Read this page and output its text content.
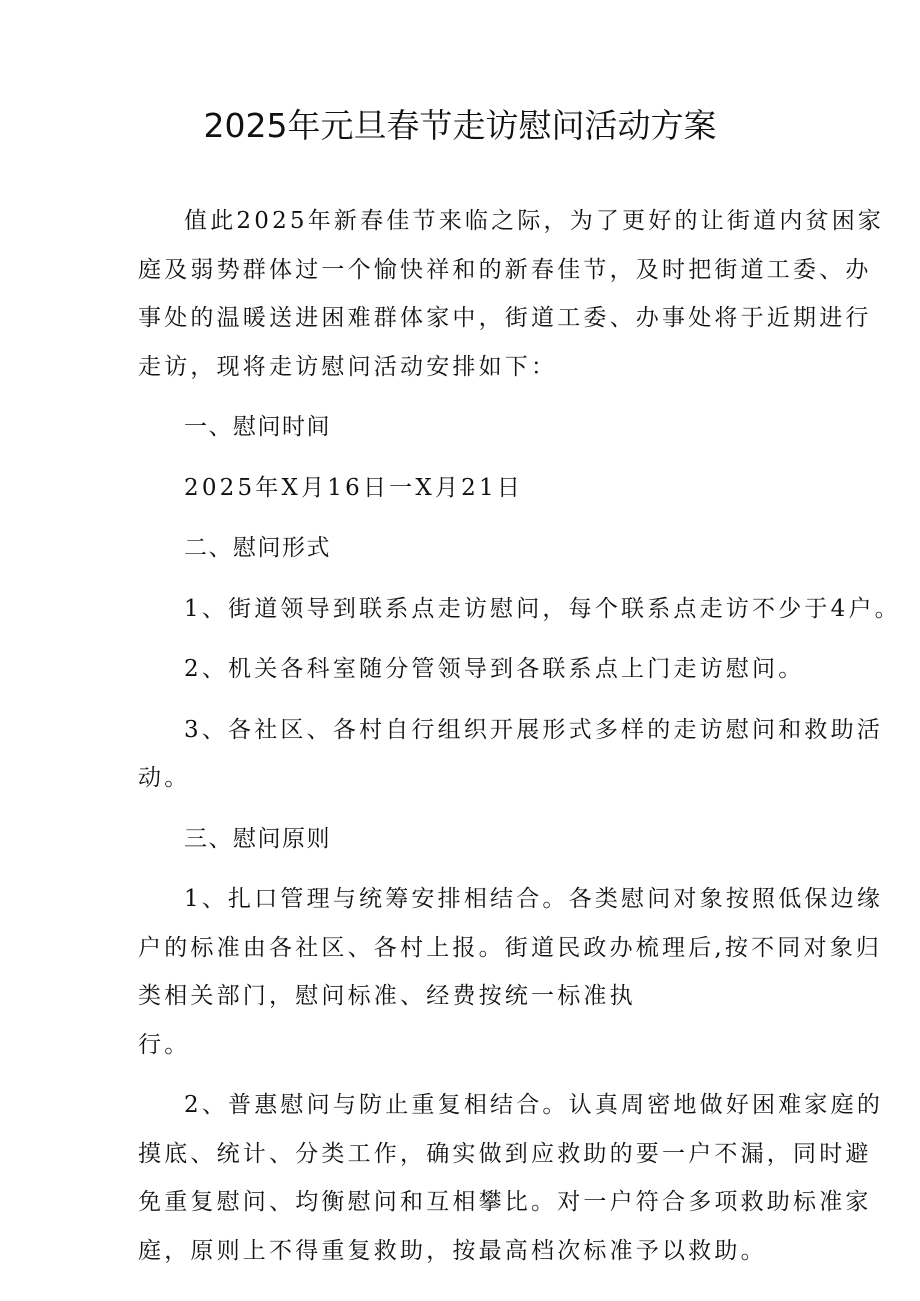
2025年元旦春节走访慰问活动方案
值此2025年新春佳节来临之际，为了更好的让街道内贫困家
庭及弱势群体过一个愉快祥和的新春佳节，及时把街道工委、办
事处的温暖送进困难群体家中，街道工委、办事处将于近期进行
走访，现将走访慰问活动安排如下：
一、慰问时间
2025年X月16日一X月21日
二、慰问形式
1、街道领导到联系点走访慰问，每个联系点走访不少于4户。
2、机关各科室随分管领导到各联系点上门走访慰问。
3、各社区、各村自行组织开展形式多样的走访慰问和救助活
动。
三、慰问原则
1、扎口管理与统筹安排相结合。各类慰问对象按照低保边缘
户的标准由各社区、各村上报。街道民政办梳理后,按不同对象归
类相关部门，慰问标准、经费按统一标准执
行。
2、普惠慰问与防止重复相结合。认真周密地做好困难家庭的
摸底、统计、分类工作，确实做到应救助的要一户不漏，同时避
免重复慰问、均衡慰问和互相攀比。对一户符合多项救助标准家
庭，原则上不得重复救助，按最高档次标准予以救助。
